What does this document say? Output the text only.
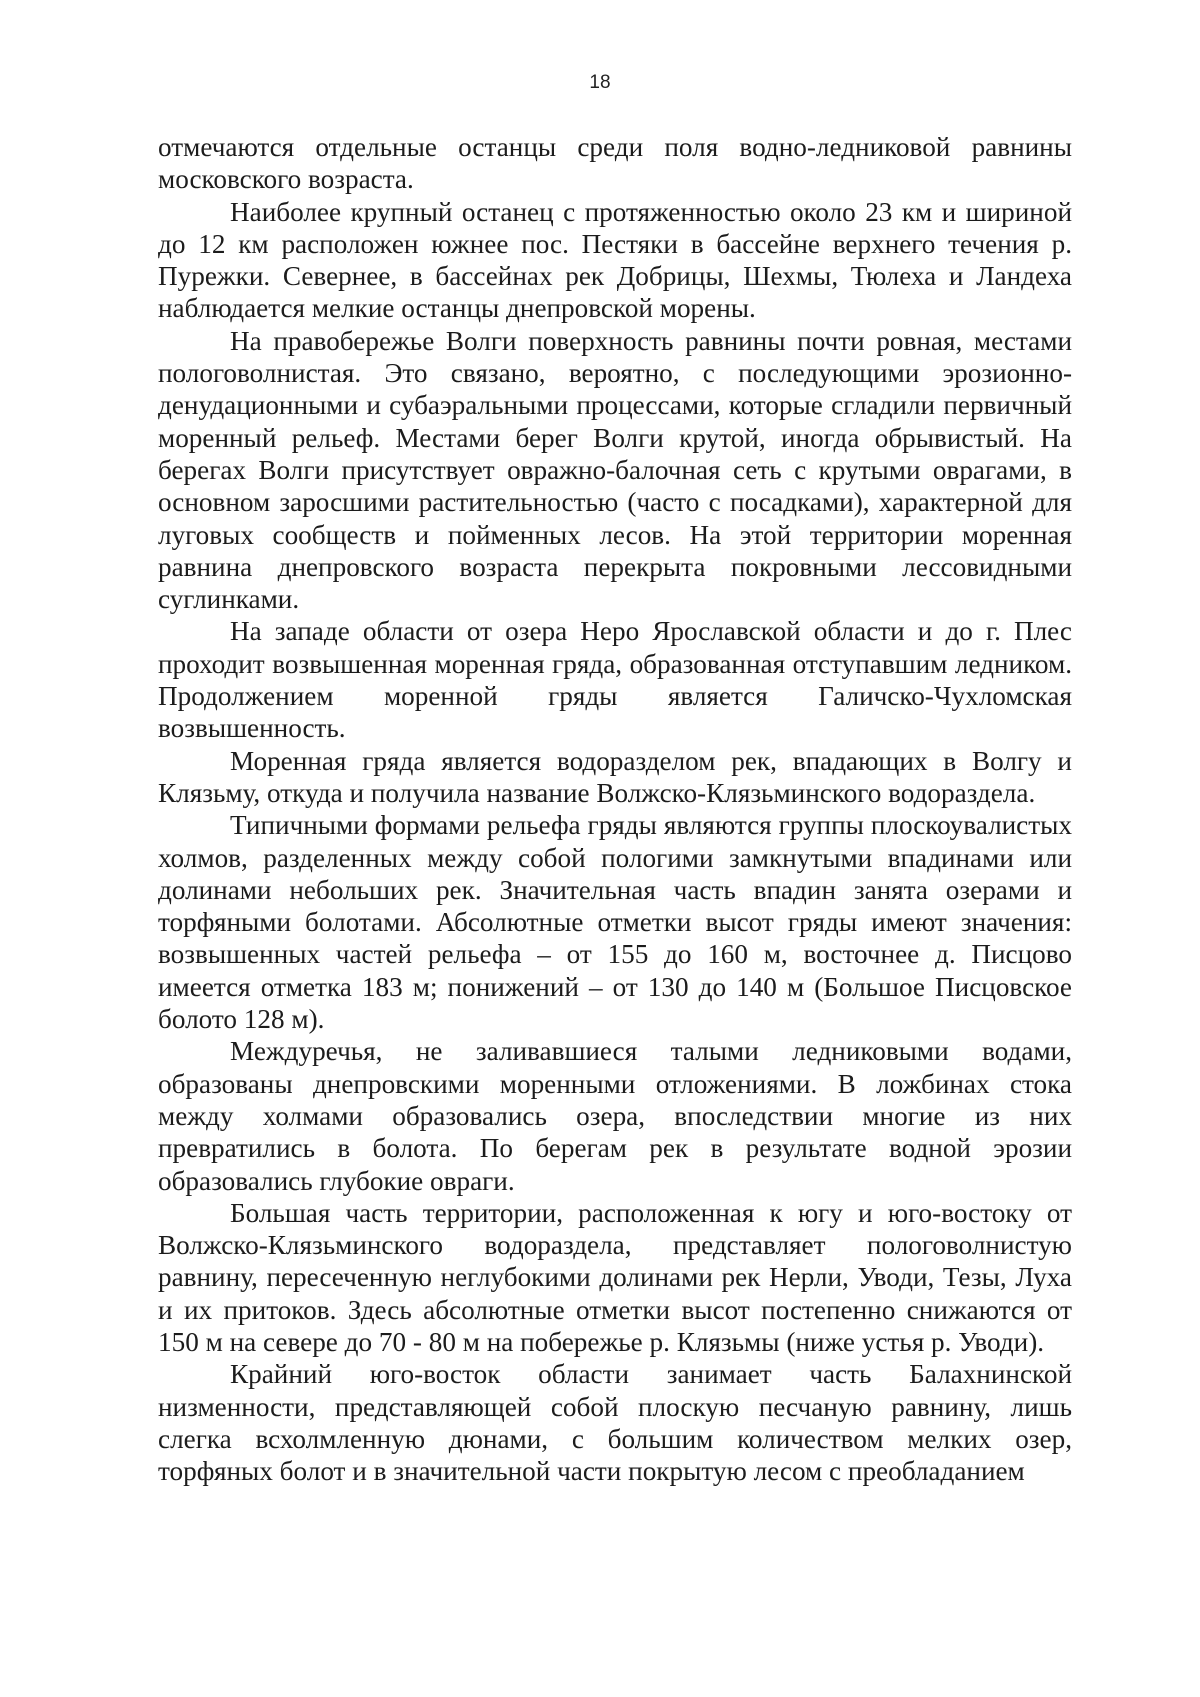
18

отмечаются отдельные останцы среди поля водно-ледниковой равнины московского возраста.

Наиболее крупный останец с протяженностью около 23 км и шириной до 12 км расположен южнее пос. Пестяки в бассейне верхнего течения р. Пурежки. Севернее, в бассейнах рек Добрицы, Шехмы, Тюлеха и Ландеха наблюдается мелкие останцы днепровской морены.

На правобережье Волги поверхность равнины почти ровная, местами пологоволнистая. Это связано, вероятно, с последующими эрозионно-денудационными и субаэральными процессами, которые сгладили первичный моренный рельеф. Местами берег Волги крутой, иногда обрывистый. На берегах Волги присутствует овражно-балочная сеть с крутыми оврагами, в основном заросшими растительностью (часто с посадками), характерной для луговых сообществ и пойменных лесов. На этой территории моренная равнина днепровского возраста перекрыта покровными лессовидными суглинками.

На западе области от озера Неро Ярославской области и до г. Плес проходит возвышенная моренная гряда, образованная отступавшим ледником. Продолжением моренной гряды является Галичско-Чухломская возвышенность.

Моренная гряда является водоразделом рек, впадающих в Волгу и Клязьму, откуда и получила название Волжско-Клязьминского водораздела.

Типичными формами рельефа гряды являются группы плоскоувалистых холмов, разделенных между собой пологими замкнутыми впадинами или долинами небольших рек. Значительная часть впадин занята озерами и торфяными болотами. Абсолютные отметки высот гряды имеют значения: возвышенных частей рельефа – от 155 до 160 м, восточнее д. Писцово имеется отметка 183 м; понижений – от 130 до 140 м (Большое Писцовское болото 128 м).

Междуречья, не заливавшиеся талыми ледниковыми водами, образованы днепровскими моренными отложениями. В ложбинах стока между холмами образовались озера, впоследствии многие из них превратились в болота. По берегам рек в результате водной эрозии образовались глубокие овраги.

Большая часть территории, расположенная к югу и юго-востоку от Волжско-Клязьминского водораздела, представляет пологоволнистую равнину, пересеченную неглубокими долинами рек Нерли, Уводи, Тезы, Луха и их притоков. Здесь абсолютные отметки высот постепенно снижаются от 150 м на севере до 70 - 80 м на побережье р. Клязьмы (ниже устья р. Уводи).

Крайний юго-восток области занимает часть Балахнинской низменности, представляющей собой плоскую песчаную равнину, лишь слегка всхолмленную дюнами, с большим количеством мелких озер, торфяных болот и в значительной части покрытую лесом с преобладанием
